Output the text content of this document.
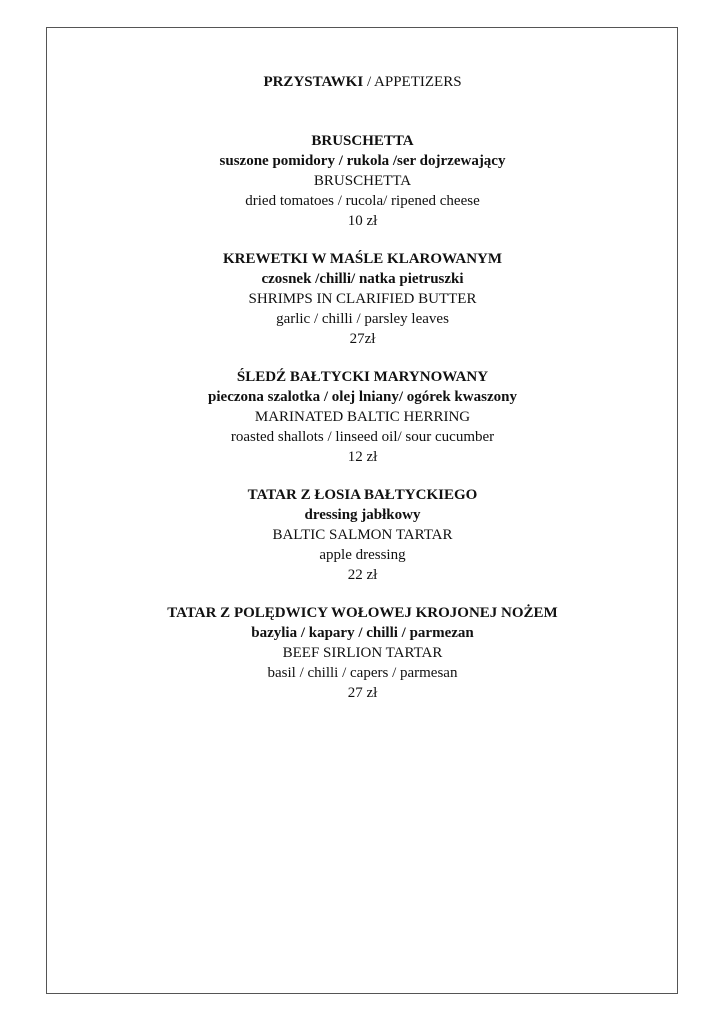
PRZYSTAWKI / APPETIZERS
BRUSCHETTA
suszone pomidory / rukola /ser dojrzewający
BRUSCHETTA
dried tomatoes / rucola/ ripened cheese
10 zł
KREWETKI W MAŚLE KLAROWANYM
czosnek /chilli/ natka pietruszki
SHRIMPS IN CLARIFIED BUTTER
garlic / chilli / parsley leaves
27zł
ŚLEDŹ BAŁTYCKI MARYNOWANY
pieczona szalotka / olej lniany/ ogórek kwaszony
MARINATED BALTIC HERRING
roasted shallots / linseed oil/ sour cucumber
12 zł
TATAR Z ŁOSIA BAŁTYCKIEGO
dressing jabłkowy
BALTIC SALMON TARTAR
apple dressing
22 zł
TATAR Z POLĘDWICY WOŁOWEJ KROJONEJ NOŻEM
bazylia / kapary / chilli / parmezan
BEEF SIRLION TARTAR
basil / chilli / capers / parmesan
27 zł
